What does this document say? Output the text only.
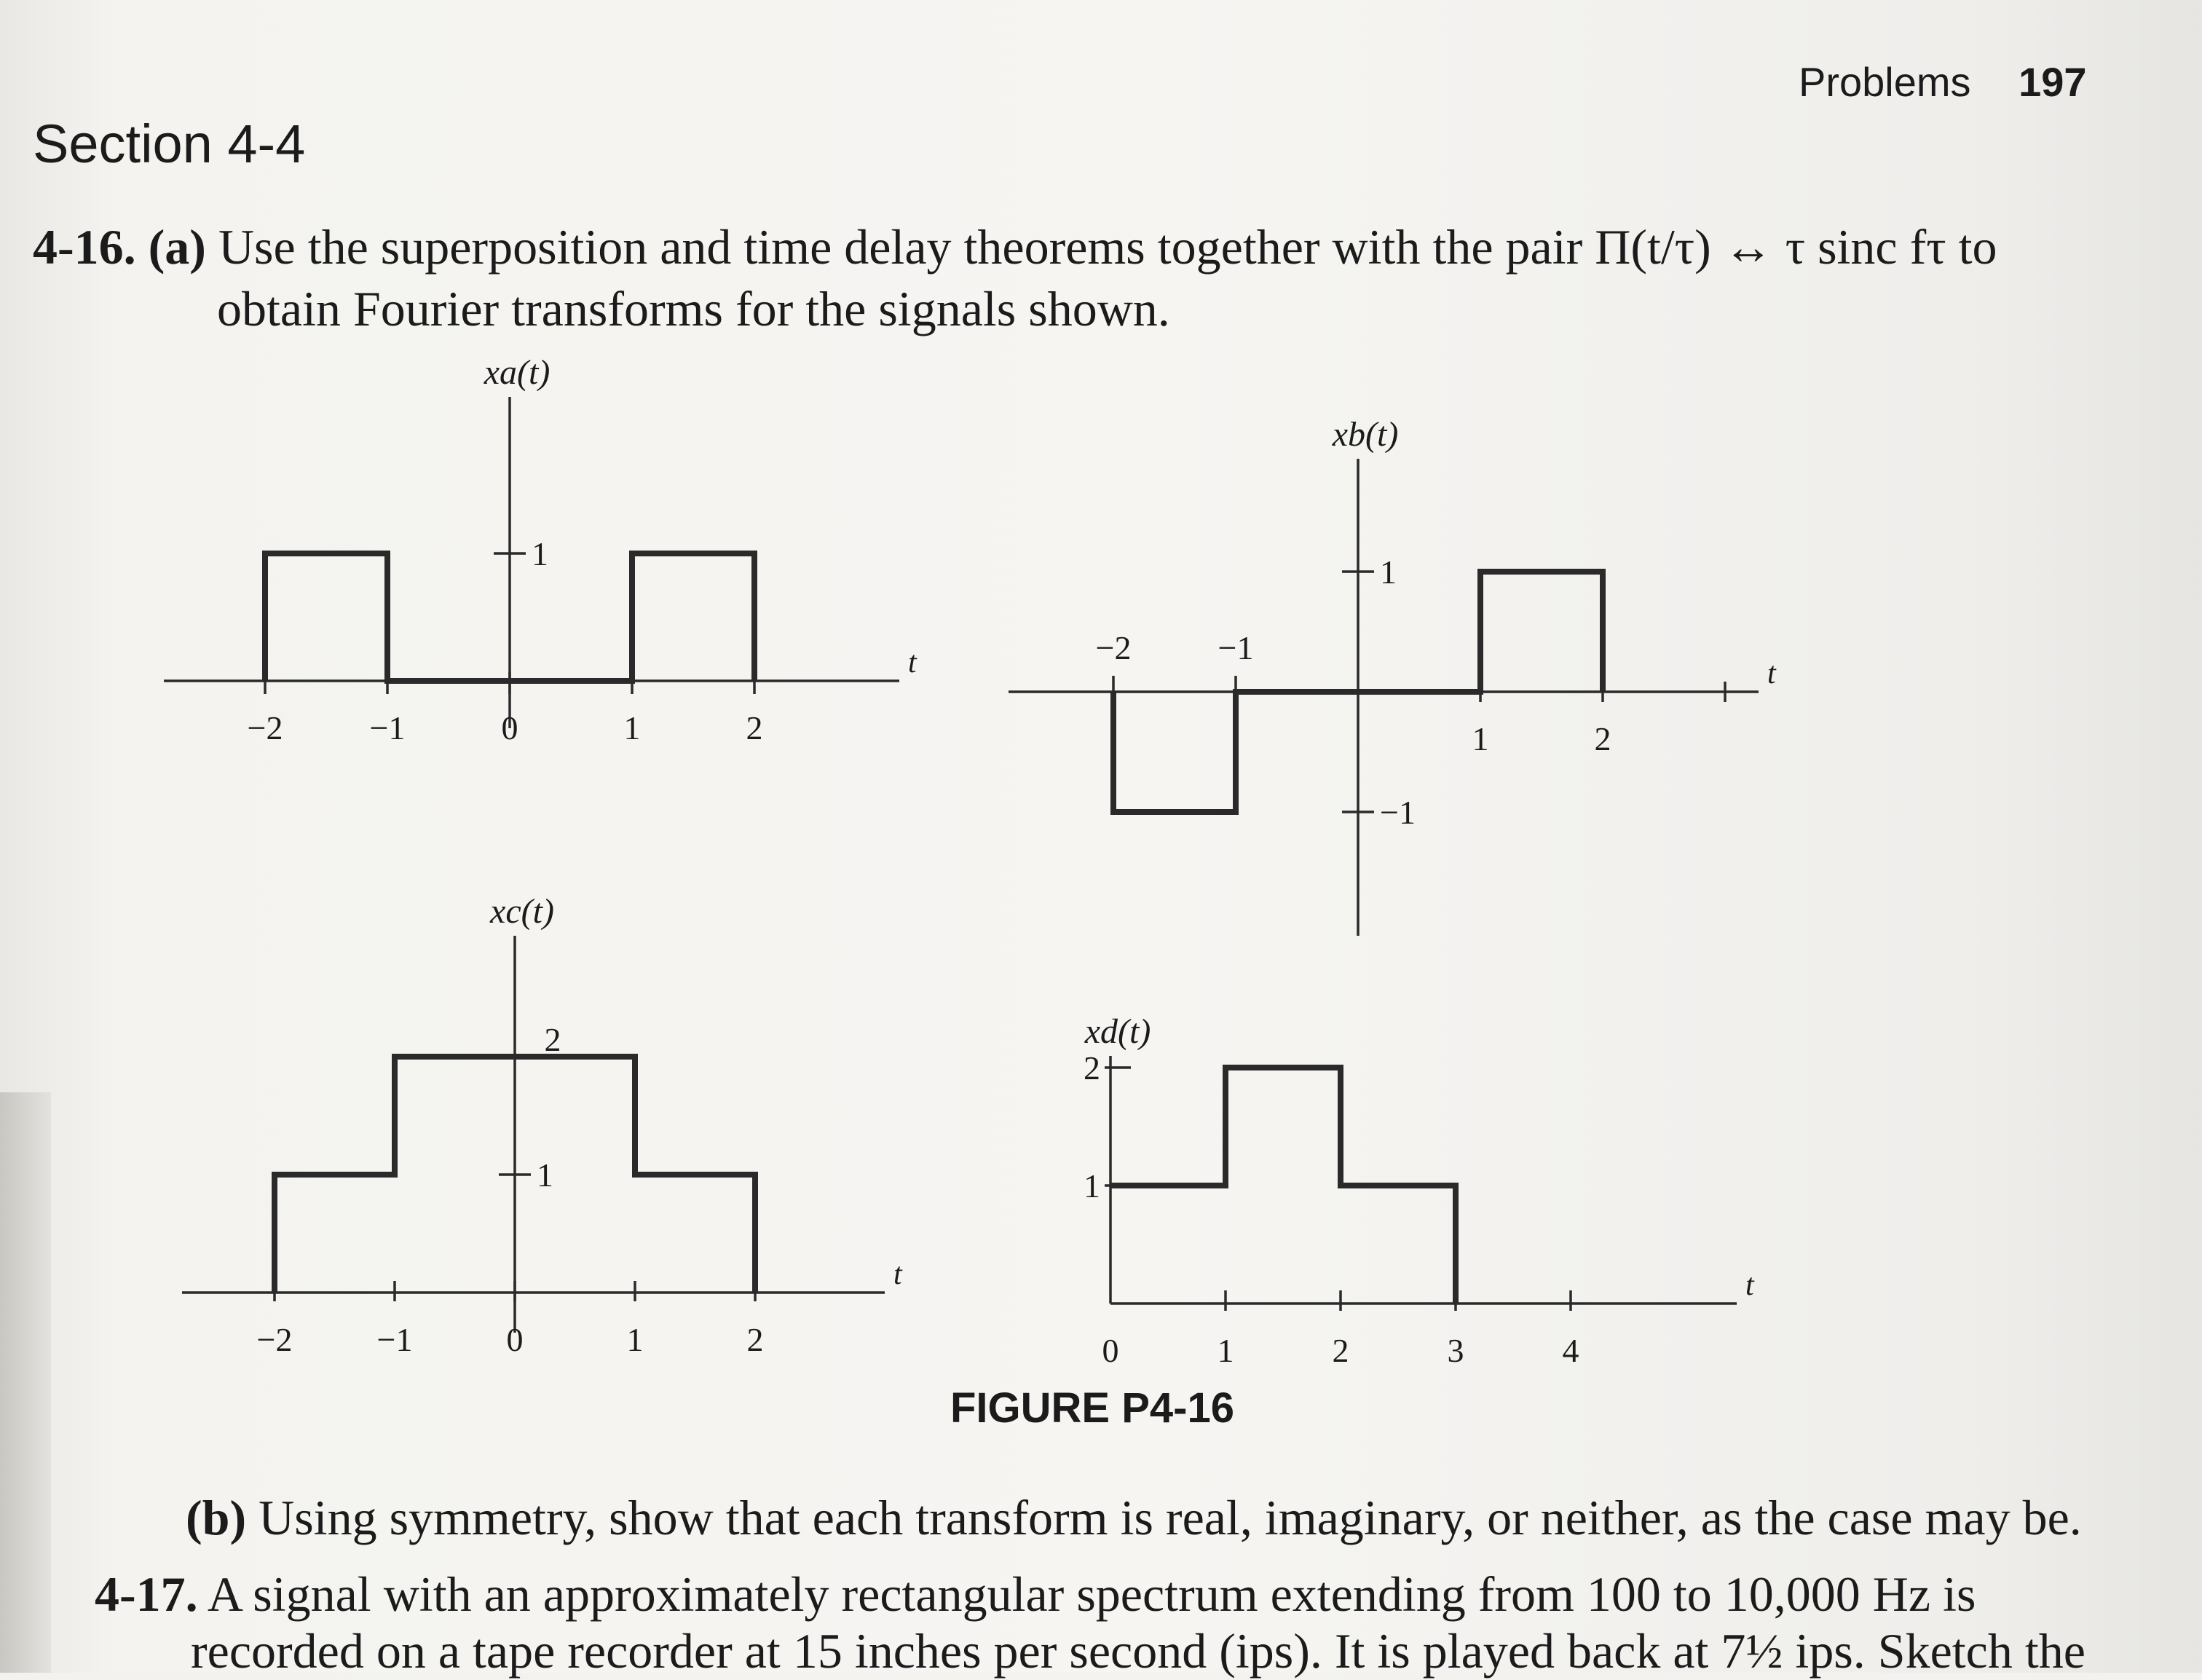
Problems 197
Section 4-4
4-16. (a) Use the superposition and time delay theorems together with the pair Π(t/τ) ↔ τ sinc fτ to
obtain Fourier transforms for the signals shown.
xa(t)
t
xb(t)
t
xc(t)
t
xd(t)
t
−2	−1	0	1	2
1
−2	−1
1	2
1
−1
−2	−1	0	1	2
2
1
0	1	2	3	4
2
1
FIGURE P4-16
(b) Using symmetry, show that each transform is real, imaginary, or neither, as the case may be.
4-17. A signal with an approximately rectangular spectrum extending from 100 to 10,000 Hz is
recorded on a tape recorder at 15 inches per second (ips). It is played back at 7½ ips. Sketch the
